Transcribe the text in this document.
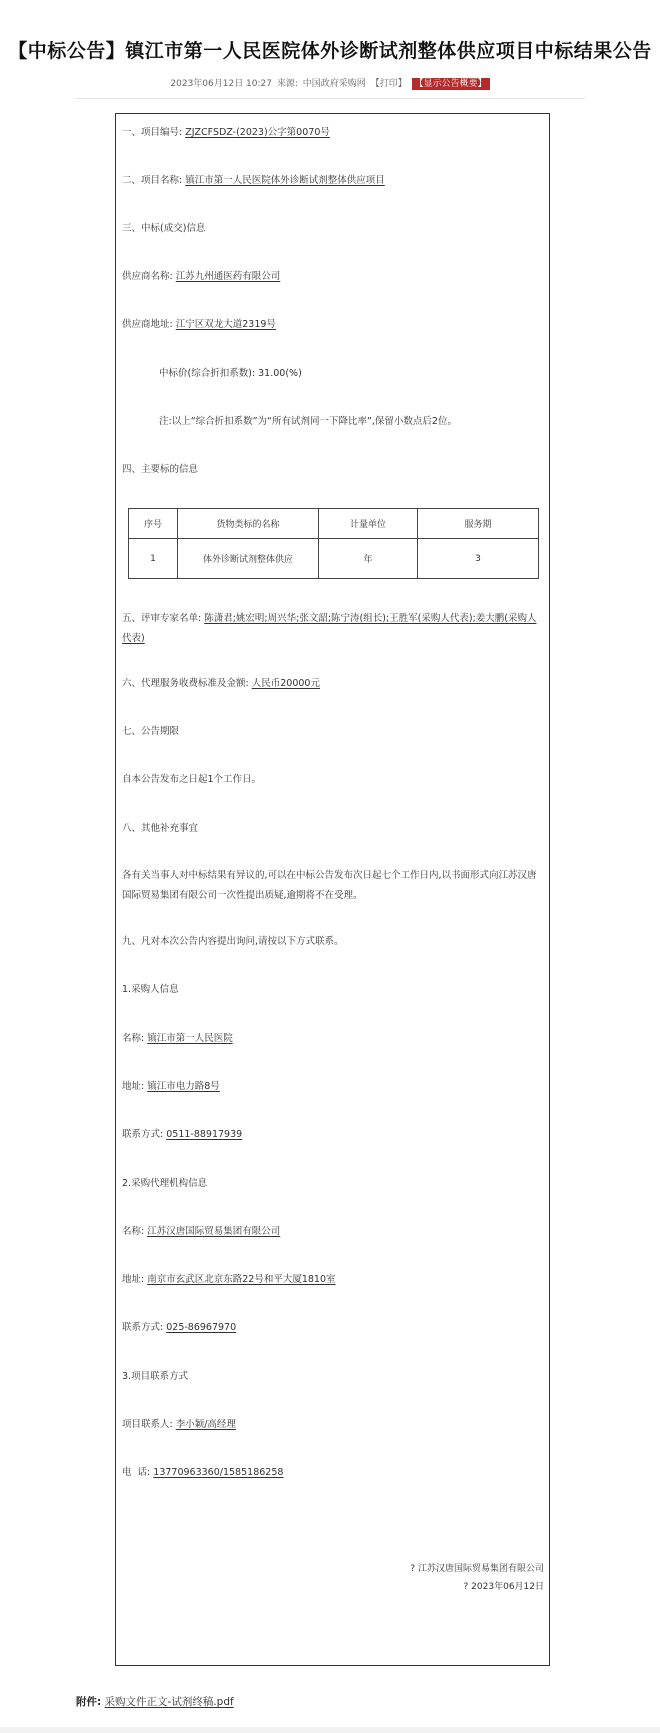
【中标公告】镇江市第一人民医院体外诊断试剂整体供应项目中标结果公告
2023年06月12日 10:27 来源: 中国政府采购网 【打印】 【显示公告概要】
一、项目编号: ZJZCFSDZ-(2023)公字第0070号
二、项目名称: 镇江市第一人民医院体外诊断试剂整体供应项目
三、中标(成交)信息
供应商名称: 江苏九州通医药有限公司
供应商地址: 江宁区双龙大道2319号
中标价(综合折扣系数): 31.00(%)
注:以上“综合折扣系数”为“所有试剂同一下降比率”,保留小数点后2位。
四、主要标的信息
序号	货物类标的名称	计量单位	服务期
1	体外诊断试剂整体供应	年	3
五、评审专家名单: 陈潇君;姚宏明;周兴华;张文韶;陈宁涛(组长);王胜军(采购人代表);姜大鹏(采购人代表)
六、代理服务收费标准及金额: 人民币20000元
七、公告期限
自本公告发布之日起1个工作日。
八、其他补充事宜
各有关当事人对中标结果有异议的,可以在中标公告发布次日起七个工作日内,以书面形式向江苏汉唐国际贸易集团有限公司一次性提出质疑,逾期将不在受理。
九、凡对本次公告内容提出询问,请按以下方式联系。
1.采购人信息
名称: 镇江市第一人民医院
地址: 镇江市电力路8号
联系方式: 0511-88917939
2.采购代理机构信息
名称: 江苏汉唐国际贸易集团有限公司
地址: 南京市玄武区北京东路22号和平大厦1810室
联系方式: 025-86967970
3.项目联系方式
项目联系人: 李小颖/高经理
电  话: 13770963360/1585186258
? 江苏汉唐国际贸易集团有限公司
? 2023年06月12日
附件: 采购文件正文-试剂终稿.pdf
